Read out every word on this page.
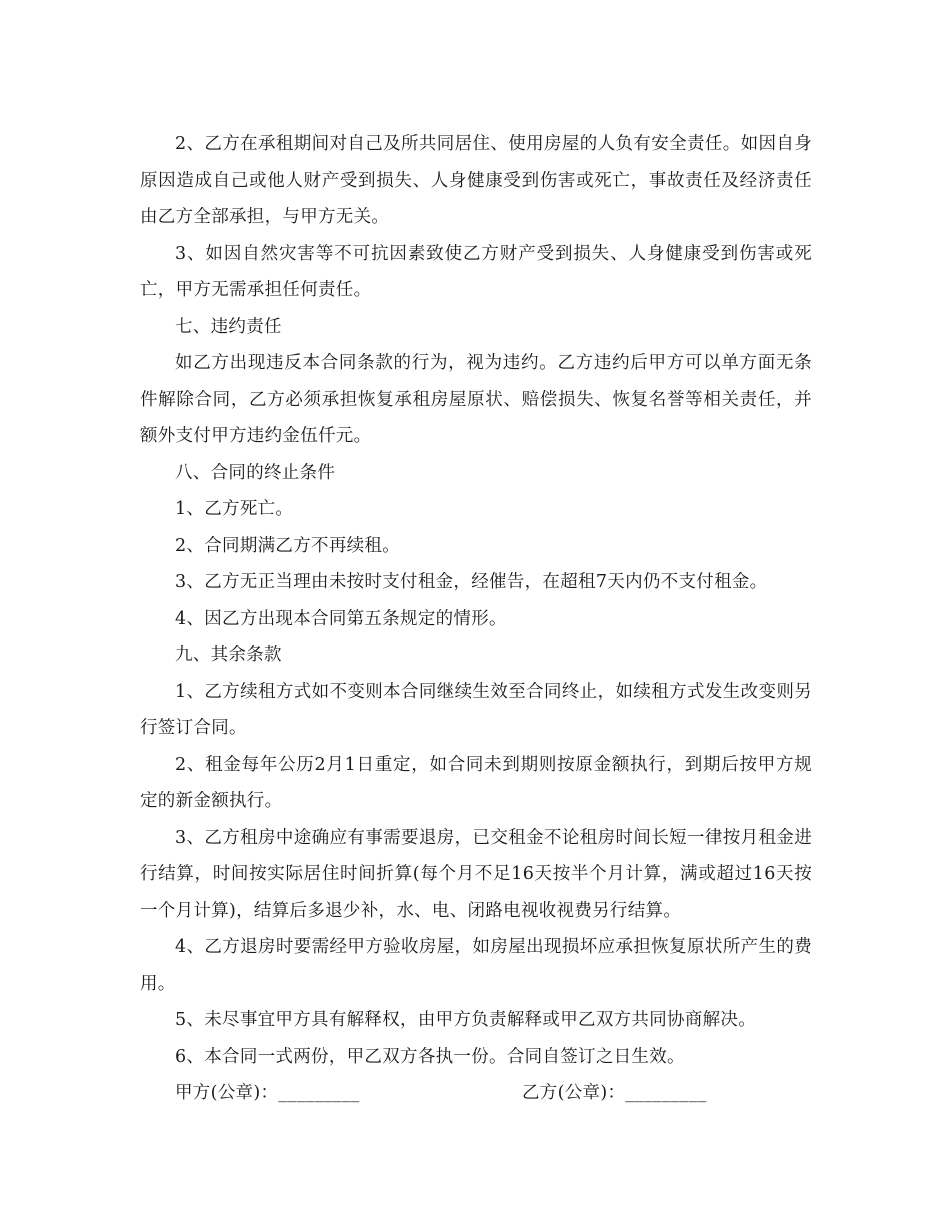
2、乙方在承租期间对自己及所共同居住、使用房屋的人负有安全责任。如因自身原因造成自己或他人财产受到损失、人身健康受到伤害或死亡，事故责任及经济责任由乙方全部承担，与甲方无关。

3、如因自然灾害等不可抗因素致使乙方财产受到损失、人身健康受到伤害或死亡，甲方无需承担任何责任。

七、违约责任

如乙方出现违反本合同条款的行为，视为违约。乙方违约后甲方可以单方面无条件解除合同，乙方必须承担恢复承租房屋原状、赔偿损失、恢复名誉等相关责任，并额外支付甲方违约金伍仟元。

八、合同的终止条件

1、乙方死亡。

2、合同期满乙方不再续租。

3、乙方无正当理由未按时支付租金，经催告，在超租7天内仍不支付租金。

4、因乙方出现本合同第五条规定的情形。

九、其余条款

1、乙方续租方式如不变则本合同继续生效至合同终止，如续租方式发生改变则另行签订合同。

2、租金每年公历2月1日重定，如合同未到期则按原金额执行，到期后按甲方规定的新金额执行。

3、乙方租房中途确应有事需要退房，已交租金不论租房时间长短一律按月租金进行结算，时间按实际居住时间折算(每个月不足16天按半个月计算，满或超过16天按一个月计算)，结算后多退少补，水、电、闭路电视收视费另行结算。

4、乙方退房时要需经甲方验收房屋，如房屋出现损坏应承担恢复原状所产生的费用。

5、未尽事宜甲方具有解释权，由甲方负责解释或甲乙双方共同协商解决。

6、本合同一式两份，甲乙双方各执一份。合同自签订之日生效。

甲方(公章)：_________	乙方(公章)：_________
